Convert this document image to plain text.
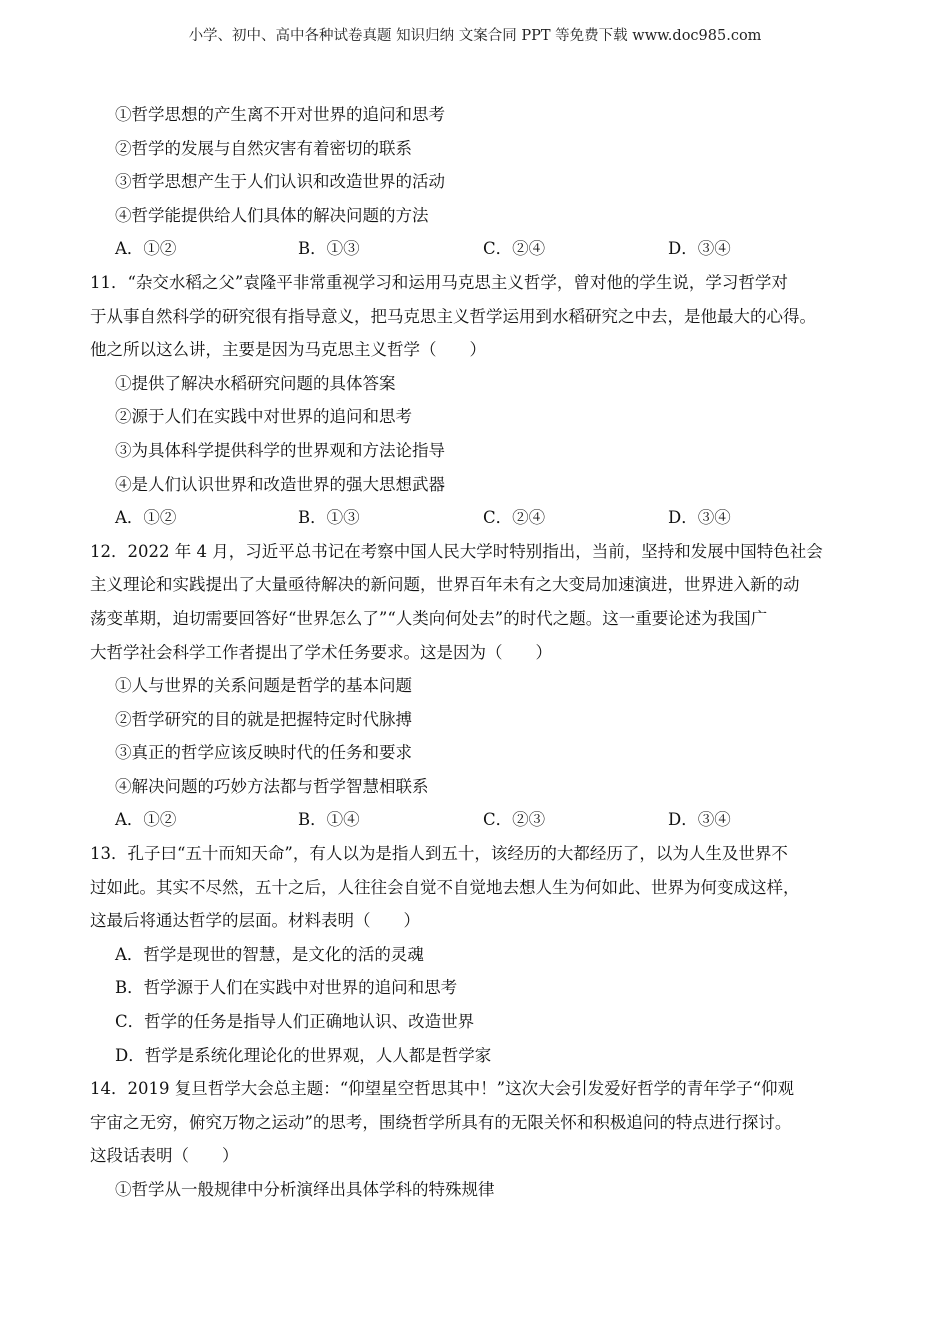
小学、初中、高中各种试卷真题 知识归纳 文案合同 PPT 等免费下载 www.doc985.com
①哲学思想的产生离不开对世界的追问和思考
②哲学的发展与自然灾害有着密切的联系
③哲学思想产生于人们认识和改造世界的活动
④哲学能提供给人们具体的解决问题的方法
A．①②	B．①③	C．②④	D．③④
11．“杂交水稻之父”袁隆平非常重视学习和运用马克思主义哲学，曾对他的学生说，学习哲学对
于从事自然科学的研究很有指导意义，把马克思主义哲学运用到水稻研究之中去，是他最大的心得。
他之所以这么讲，主要是因为马克思主义哲学（　　）
①提供了解决水稻研究问题的具体答案
②源于人们在实践中对世界的追问和思考
③为具体科学提供科学的世界观和方法论指导
④是人们认识世界和改造世界的强大思想武器
A．①②	B．①③	C．②④	D．③④
12．2022 年 4 月，习近平总书记在考察中国人民大学时特别指出，当前，坚持和发展中国特色社会
主义理论和实践提出了大量亟待解决的新问题，世界百年未有之大变局加速演进，世界进入新的动
荡变革期，迫切需要回答好“世界怎么了”“人类向何处去”的时代之题。这一重要论述为我国广
大哲学社会科学工作者提出了学术任务要求。这是因为（　　）
①人与世界的关系问题是哲学的基本问题
②哲学研究的目的就是把握特定时代脉搏
③真正的哲学应该反映时代的任务和要求
④解决问题的巧妙方法都与哲学智慧相联系
A．①②	B．①④	C．②③	D．③④
13．孔子曰“五十而知天命”，有人以为是指人到五十，该经历的大都经历了，以为人生及世界不
过如此。其实不尽然，五十之后，人往往会自觉不自觉地去想人生为何如此、世界为何变成这样，
这最后将通达哲学的层面。材料表明（　　）
A．哲学是现世的智慧，是文化的活的灵魂
B．哲学源于人们在实践中对世界的追问和思考
C．哲学的任务是指导人们正确地认识、改造世界
D．哲学是系统化理论化的世界观，人人都是哲学家
14．2019 复旦哲学大会总主题：“仰望星空哲思其中！”这次大会引发爱好哲学的青年学子“仰观
宇宙之无穷，俯究万物之运动”的思考，围绕哲学所具有的无限关怀和积极追问的特点进行探讨。
这段话表明（　　）
①哲学从一般规律中分析演绎出具体学科的特殊规律
